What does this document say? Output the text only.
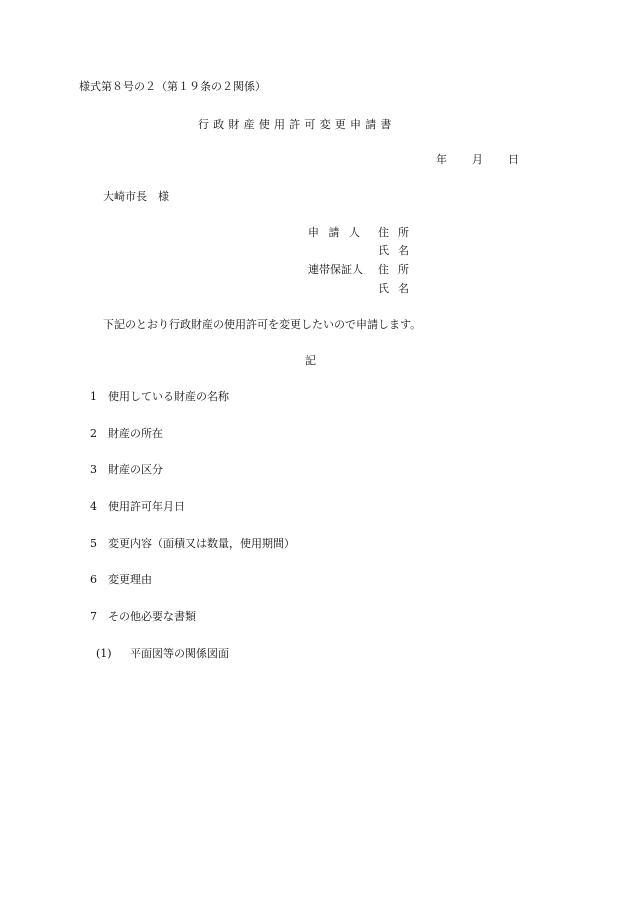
様式第８号の２（第１９条の２関係）
行政財産使用許可変更申請書
年 月 日
大崎市長　様
申請人 住所
氏名
連帯保証人 住所
氏名
下記のとおり行政財産の使用許可を変更したいので申請します。
記
1 使用している財産の名称
2 財産の所在
3 財産の区分
4 使用許可年月日
5 変更内容（面積又は数量，使用期間）
6 変更理由
7 その他必要な書類
(1) 平面図等の関係図面
